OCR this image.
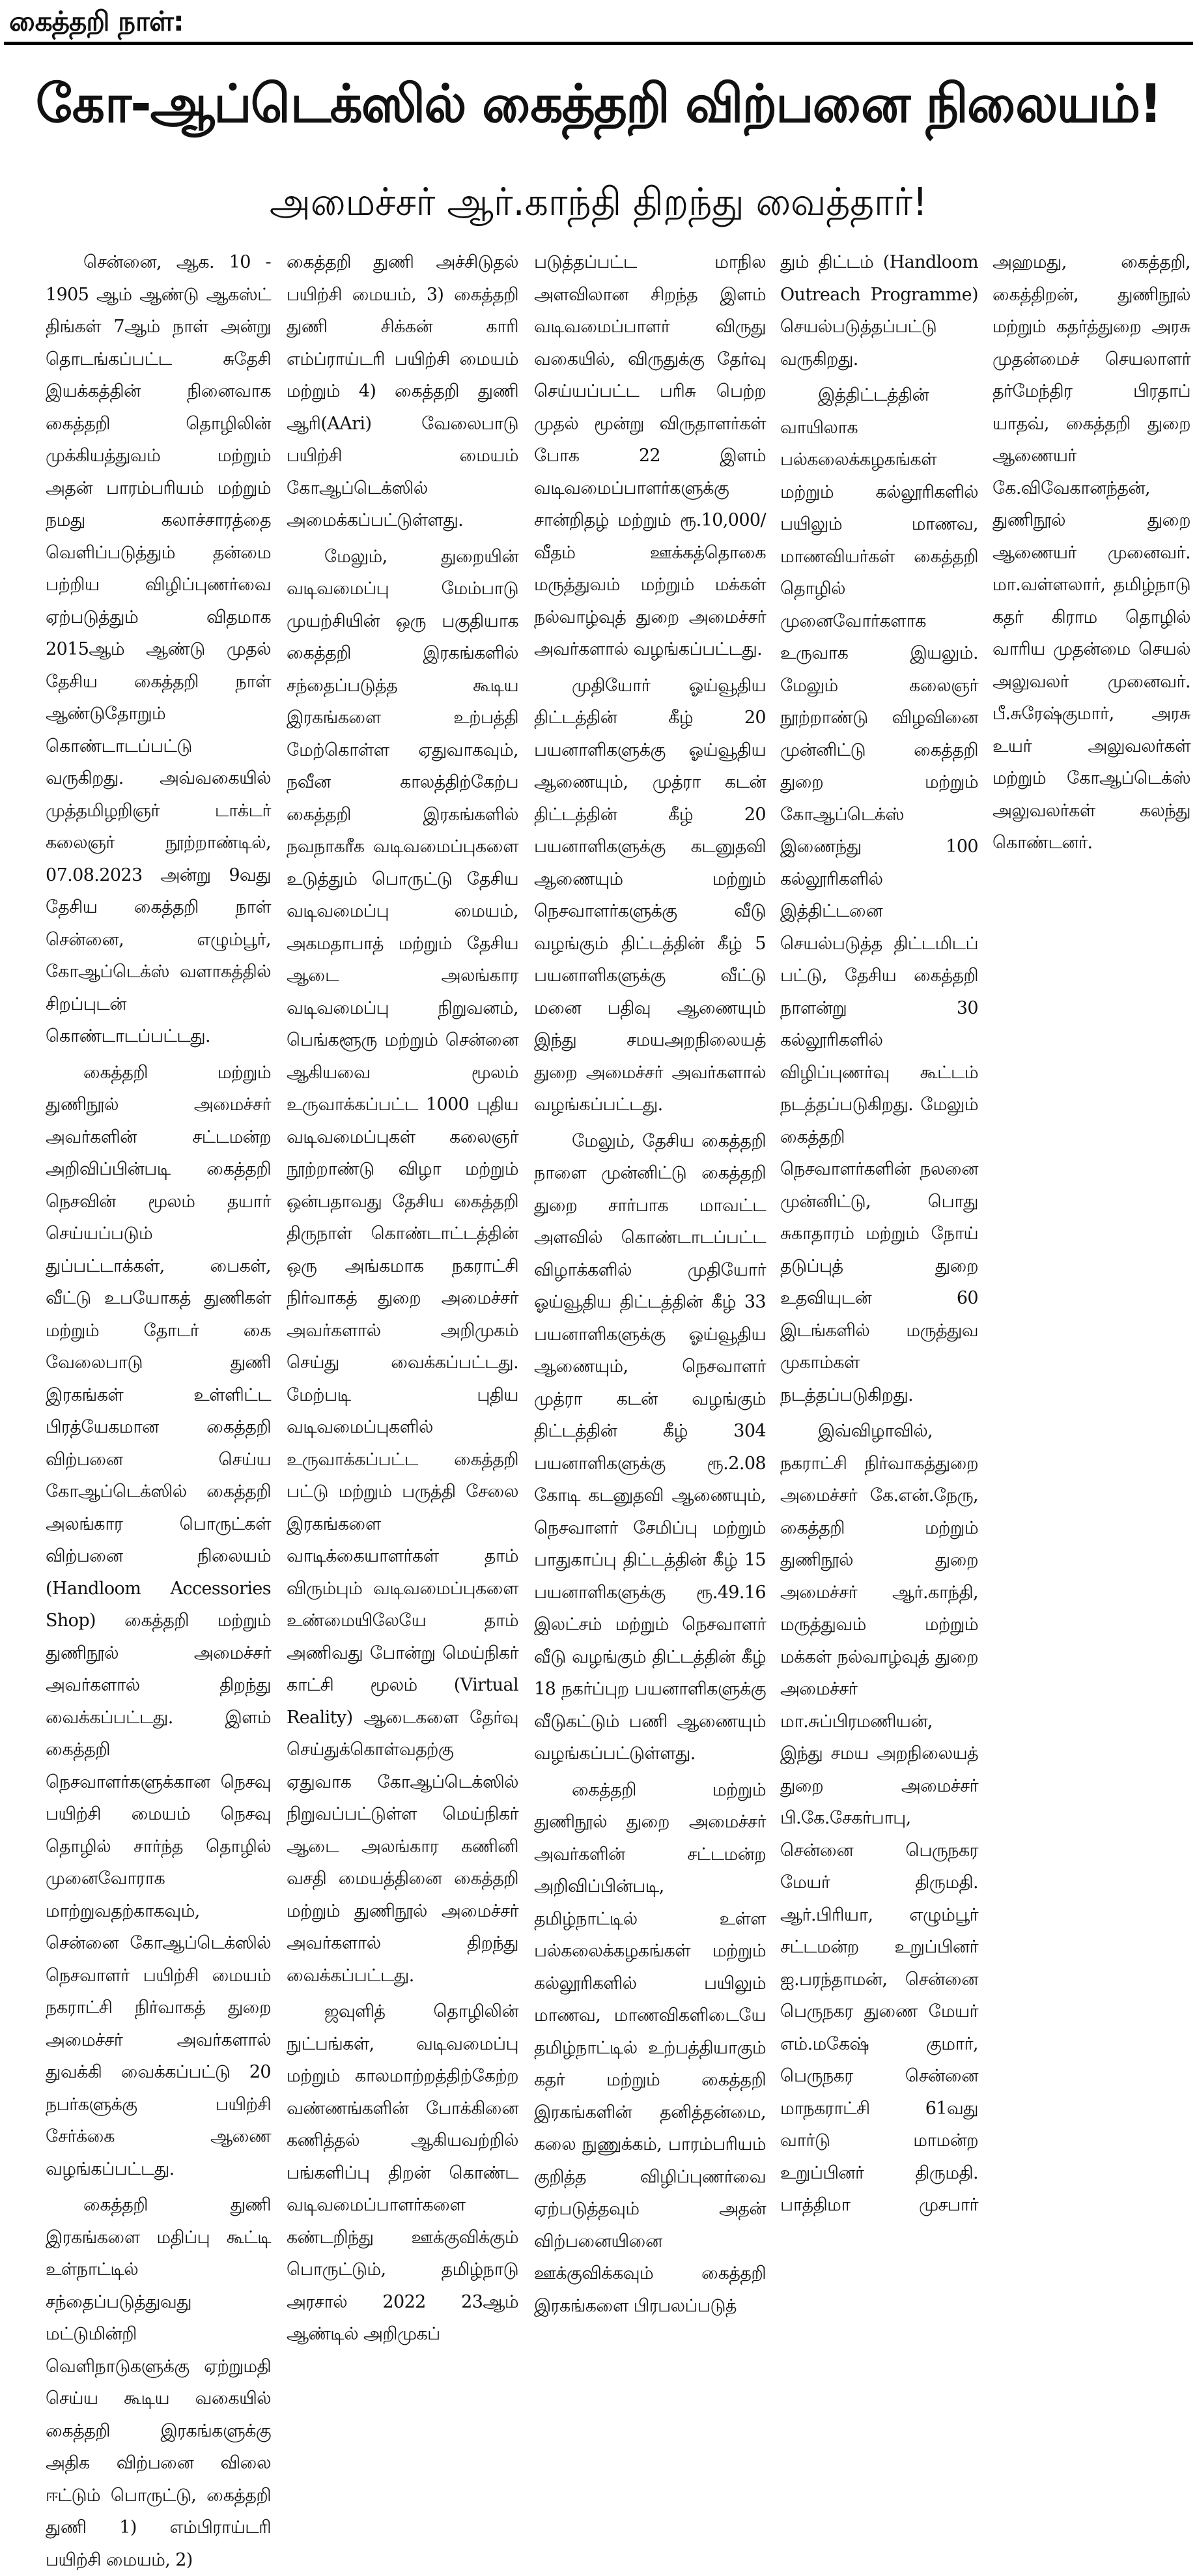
கைத்தறி நாள்:
கோ-ஆப்டெக்ஸில் கைத்தறி விற்பனை நிலையம்!
அமைச்சர் ஆர்.காந்தி திறந்து வைத்தார்!

சென்னை, ஆக. 10 - 1905 ஆம் ஆண்டு ஆகஸ்ட் திங்கள் 7ஆம் நாள் அன்று தொடங்கப்பட்ட சுதேசி இயக்கத்தின் நினைவாக கைத்தறி தொழிலின் முக்கியத்துவம் மற்றும் அதன் பாரம்பரியம் மற்றும் நமது கலாச்சாரத்தை வெளிப்படுத்தும் தன்மை பற்றிய விழிப்புணர்வை ஏற்படுத்தும் விதமாக 2015ஆம் ஆண்டு முதல் தேசிய கைத்தறி நாள் ஆண்டுதோறும் கொண்டாடப்பட்டு வருகிறது. அவ்வகையில் முத்தமிழறிஞர் டாக்டர் கலைஞர் நூற்றாண்டில், 07.08.2023 அன்று 9வது தேசிய கைத்தறி நாள் சென்னை, எழும்பூர், கோஆப்டெக்ஸ் வளாகத்தில் சிறப்புடன் கொண்டாடப்பட்டது.

கைத்தறி மற்றும் துணிநூல் அமைச்சர் அவர்களின் சட்டமன்ற அறிவிப்பின்படி கைத்தறி நெசவின் மூலம் தயார் செய்யப்படும் துப்பட்டாக்கள், பைகள், வீட்டு உபயோகத் துணிகள் மற்றும் தோடர் கை வேலைபாடு துணி இரகங்கள் உள்ளிட்ட பிரத்யேகமான கைத்தறி விற்பனை செய்ய கோஆப்டெக்ஸில் கைத்தறி அலங்கார பொருட்கள் விற்பனை நிலையம் (Handloom Accessories Shop) கைத்தறி மற்றும் துணிநூல் அமைச்சர் அவர்களால் திறந்து வைக்கப்பட்டது. இளம் கைத்தறி நெசவாளர்களுக்கான நெசவு பயிற்சி மையம் நெசவு தொழில் சார்ந்த தொழில் முனைவோராக மாற்றுவதற்காகவும், சென்னை கோஆப்டெக்ஸில் நெசவாளர் பயிற்சி மையம் நகராட்சி நிர்வாகத் துறை அமைச்சர் அவர்களால் துவக்கி வைக்கப்பட்டு 20 நபர்களுக்கு பயிற்சி சேர்க்கை ஆணை வழங்கப்பட்டது.

கைத்தறி துணி இரகங்களை மதிப்பு கூட்டி உள்நாட்டில் சந்தைப்படுத்துவது மட்டுமின்றி வெளிநாடுகளுக்கு ஏற்றுமதி செய்ய கூடிய வகையில் கைத்தறி இரகங்களுக்கு அதிக விற்பனை விலை ஈட்டும் பொருட்டு, கைத்தறி துணி 1) எம்பிராய்டரி பயிற்சி மையம், 2)

கைத்தறி துணி அச்சிடுதல் பயிற்சி மையம், 3) கைத்தறி துணி சிக்கன் காரி எம்ப்ராய்டரி பயிற்சி மையம் மற்றும் 4) கைத்தறி துணி ஆரி(AAri) வேலைபாடு பயிற்சி மையம் கோஆப்டெக்ஸில் அமைக்கப்பட்டுள்ளது.

மேலும், துறையின் வடிவமைப்பு மேம்பாடு முயற்சியின் ஒரு பகுதியாக கைத்தறி இரகங்களில் சந்தைப்படுத்த கூடிய இரகங்களை உற்பத்தி மேற்கொள்ள ஏதுவாகவும், நவீன காலத்திற்கேற்ப கைத்தறி இரகங்களில் நவநாகரீக வடிவமைப்புகளை உடுத்தும் பொருட்டு தேசிய வடிவமைப்பு மையம், அகமதாபாத் மற்றும் தேசிய ஆடை அலங்கார வடிவமைப்பு நிறுவனம், பெங்களூரு மற்றும் சென்னை ஆகியவை மூலம் உருவாக்கப்பட்ட 1000 புதிய வடிவமைப்புகள் கலைஞர் நூற்றாண்டு விழா மற்றும் ஒன்பதாவது தேசிய கைத்தறி திருநாள் கொண்டாட்டத்தின் ஒரு அங்கமாக நகராட்சி நிர்வாகத் துறை அமைச்சர் அவர்களால் அறிமுகம் செய்து வைக்கப்பட்டது. மேற்படி புதிய வடிவமைப்புகளில் உருவாக்கப்பட்ட கைத்தறி பட்டு மற்றும் பருத்தி சேலை இரகங்களை வாடிக்கையாளர்கள் தாம் விரும்பும் வடிவமைப்புகளை உண்மையிலேயே தாம் அணிவது போன்று மெய்நிகர் காட்சி மூலம் (Virtual Reality) ஆடைகளை தேர்வு செய்துக்கொள்வதற்கு ஏதுவாக கோஆப்டெக்ஸில் நிறுவப்பட்டுள்ள மெய்நிகர் ஆடை அலங்கார கணினி வசதி மையத்தினை கைத்தறி மற்றும் துணிநூல் அமைச்சர் அவர்களால் திறந்து வைக்கப்பட்டது.

ஜவுளித் தொழிலின் நுட்பங்கள், வடிவமைப்பு மற்றும் காலமாற்றத்திற்கேற்ற வண்ணங்களின் போக்கினை கணித்தல் ஆகியவற்றில் பங்களிப்பு திறன் கொண்ட வடிவமைப்பாளர்களை கண்டறிந்து ஊக்குவிக்கும் பொருட்டும், தமிழ்நாடு அரசால் 2022 23ஆம் ஆண்டில் அறிமுகப்

படுத்தப்பட்ட மாநில அளவிலான சிறந்த இளம் வடிவமைப்பாளர் விருது வகையில், விருதுக்கு தேர்வு செய்யப்பட்ட பரிசு பெற்ற முதல் மூன்று விருதாளர்கள் போக 22 இளம் வடிவமைப்பாளர்களுக்கு சான்றிதழ் மற்றும் ரூ.10,000/ வீதம் ஊக்கத்தொகை மருத்துவம் மற்றும் மக்கள் நல்வாழ்வுத் துறை அமைச்சர் அவர்களால் வழங்கப்பட்டது.

முதியோர் ஓய்வூதிய திட்டத்தின் கீழ் 20 பயனாளிகளுக்கு ஓய்வூதிய ஆணையும், முத்ரா கடன் திட்டத்தின் கீழ் 20 பயனாளிகளுக்கு கடனுதவி ஆணையும் மற்றும் நெசவாளர்களுக்கு வீடு வழங்கும் திட்டத்தின் கீழ் 5 பயனாளிகளுக்கு வீட்டு மனை பதிவு ஆணையும் இந்து சமயஅறநிலையத் துறை அமைச்சர் அவர்களால் வழங்கப்பட்டது.

மேலும், தேசிய கைத்தறி நாளை முன்னிட்டு கைத்தறி துறை சார்பாக மாவட்ட அளவில் கொண்டாடப்பட்ட விழாக்களில் முதியோர் ஓய்வூதிய திட்டத்தின் கீழ் 33 பயனாளிகளுக்கு ஓய்வூதிய ஆணையும், நெசவாளர் முத்ரா கடன் வழங்கும் திட்டத்தின் கீழ் 304 பயனாளிகளுக்கு ரூ.2.08 கோடி கடனுதவி ஆணையும், நெசவாளர் சேமிப்பு மற்றும் பாதுகாப்பு திட்டத்தின் கீழ் 15 பயனாளிகளுக்கு ரூ.49.16 இலட்சம் மற்றும் நெசவாளர் வீடு வழங்கும் திட்டத்தின் கீழ் 18 நகர்ப்புற பயனாளிகளுக்கு வீடுகட்டும் பணி ஆணையும் வழங்கப்பட்டுள்ளது.

கைத்தறி மற்றும் துணிநூல் துறை அமைச்சர் அவர்களின் சட்டமன்ற அறிவிப்பின்படி, தமிழ்நாட்டில் உள்ள பல்கலைக்கழகங்கள் மற்றும் கல்லூரிகளில் பயிலும் மாணவ, மாணவிகளிடையே தமிழ்நாட்டில் உற்பத்தியாகும் கதர் மற்றும் கைத்தறி இரகங்களின் தனித்தன்மை, கலை நுணுக்கம், பாரம்பரியம் குறித்த விழிப்புணர்வை ஏற்படுத்தவும் அதன் விற்பனையினை ஊக்குவிக்கவும் கைத்தறி இரகங்களை பிரபலப்படுத்

தும் திட்டம் (Handloom Outreach Programme) செயல்படுத்தப்பட்டு வருகிறது.

இத்திட்டத்தின் வாயிலாக பல்கலைக்கழகங்கள் மற்றும் கல்லூரிகளில் பயிலும் மாணவ, மாணவியர்கள் கைத்தறி தொழில் முனைவோர்களாக உருவாக இயலும். மேலும் கலைஞர் நூற்றாண்டு விழவினை முன்னிட்டு கைத்தறி துறை மற்றும் கோஆப்டெக்ஸ் இணைந்து 100 கல்லூரிகளில் இத்திட்டனை செயல்படுத்த திட்டமிடப் பட்டு, தேசிய கைத்தறி நாளன்று 30 கல்லூரிகளில் விழிப்புணர்வு கூட்டம் நடத்தப்படுகிறது. மேலும் கைத்தறி நெசவாளர்களின் நலனை முன்னிட்டு, பொது சுகாதாரம் மற்றும் நோய் தடுப்புத் துறை உதவியுடன் 60 இடங்களில் மருத்துவ முகாம்கள் நடத்தப்படுகிறது.

இவ்விழாவில், நகராட்சி நிர்வாகத்துறை அமைச்சர் கே.என்.நேரு, கைத்தறி மற்றும் துணிநூல் துறை அமைச்சர் ஆர்.காந்தி, மருத்துவம் மற்றும் மக்கள் நல்வாழ்வுத் துறை அமைச்சர் மா.சுப்பிரமணியன், இந்து சமய அறநிலையத் துறை அமைச்சர் பி.கே.சேகர்பாபு, சென்னை பெருநகர மேயர் திருமதி. ஆர்.பிரியா, எழும்பூர் சட்டமன்ற உறுப்பினர் ஐ.பரந்தாமன், சென்னை பெருநகர துணை மேயர் எம்.மகேஷ் குமார், பெருநகர சென்னை மாநகராட்சி 61வது வார்டு மாமன்ற உறுப்பினர் திருமதி. பாத்திமா முசபார் அஹமது, கைத்தறி, கைத்திறன், துணிநூல் மற்றும் கதர்த்துறை அரசு முதன்மைச் செயலாளர் தர்மேந்திர பிரதாப் யாதவ், கைத்தறி துறை ஆணையர் கே.விவேகானந்தன், துணிநூல் துறை ஆணையர் முனைவர். மா.வள்ளலார், தமிழ்நாடு கதர் கிராம தொழில் வாரிய முதன்மை செயல் அலுவலர் முனைவர். பீ.சுரேஷ்குமார், அரசு உயர் அலுவலர்கள் மற்றும் கோஆப்டெக்ஸ் அலுவலர்கள் கலந்து கொண்டனர்.
